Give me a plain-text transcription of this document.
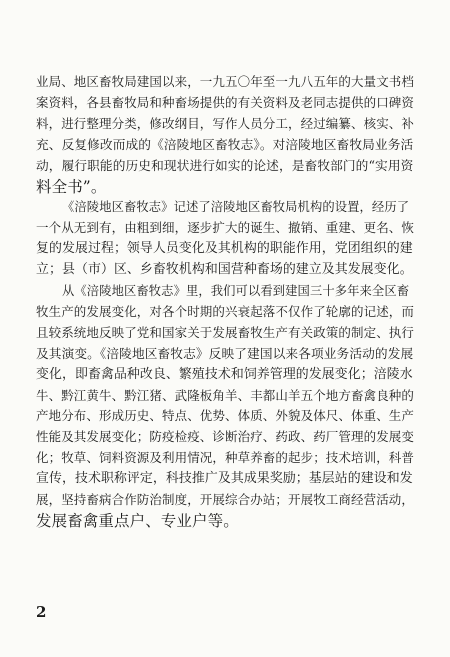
业局、地区畜牧局建国以来，一九五〇年至一九八五年的大量文书档
案资料，各县畜牧局和种畜场提供的有关资料及老同志提供的口碑资
料，进行整理分类，修改纲目，写作人员分工，经过编纂、核实、补
充、反复修改而成的《涪陵地区畜牧志》。对涪陵地区畜牧局业务活
动，履行职能的历史和现状进行如实的论述，是畜牧部门的“实用资
料全书”。
《涪陵地区畜牧志》记述了涪陵地区畜牧局机构的设置，经历了
一个从无到有，由粗到细，逐步扩大的诞生、撤销、重建、更名、恢
复的发展过程；领导人员变化及其机构的职能作用，党团组织的建
立；县（市）区、乡畜牧机构和国营种畜场的建立及其发展变化。
从《涪陵地区畜牧志》里，我们可以看到建国三十多年来全区畜
牧生产的发展变化，对各个时期的兴衰起落不仅作了轮廓的记述，而
且较系统地反映了党和国家关于发展畜牧生产有关政策的制定、执行
及其演变。《涪陵地区畜牧志》反映了建国以来各项业务活动的发展
变化，即畜禽品种改良、繁殖技术和饲养管理的发展变化；涪陵水
牛、黔江黄牛、黔江猪、武隆板角羊、丰都山羊五个地方畜禽良种的
产地分布、形成历史、特点、优势、体质、外貌及体尺、体重、生产
性能及其发展变化；防疫检疫、诊断治疗、药政、药厂管理的发展变
化；牧草、饲料资源及利用情况，种草养畜的起步；技术培训，科普
宣传，技术职称评定，科技推广及其成果奖励；基层站的建设和发
展，坚持畜病合作防治制度，开展综合办站；开展牧工商经营活动，
发展畜禽重点户、专业户等。
2
